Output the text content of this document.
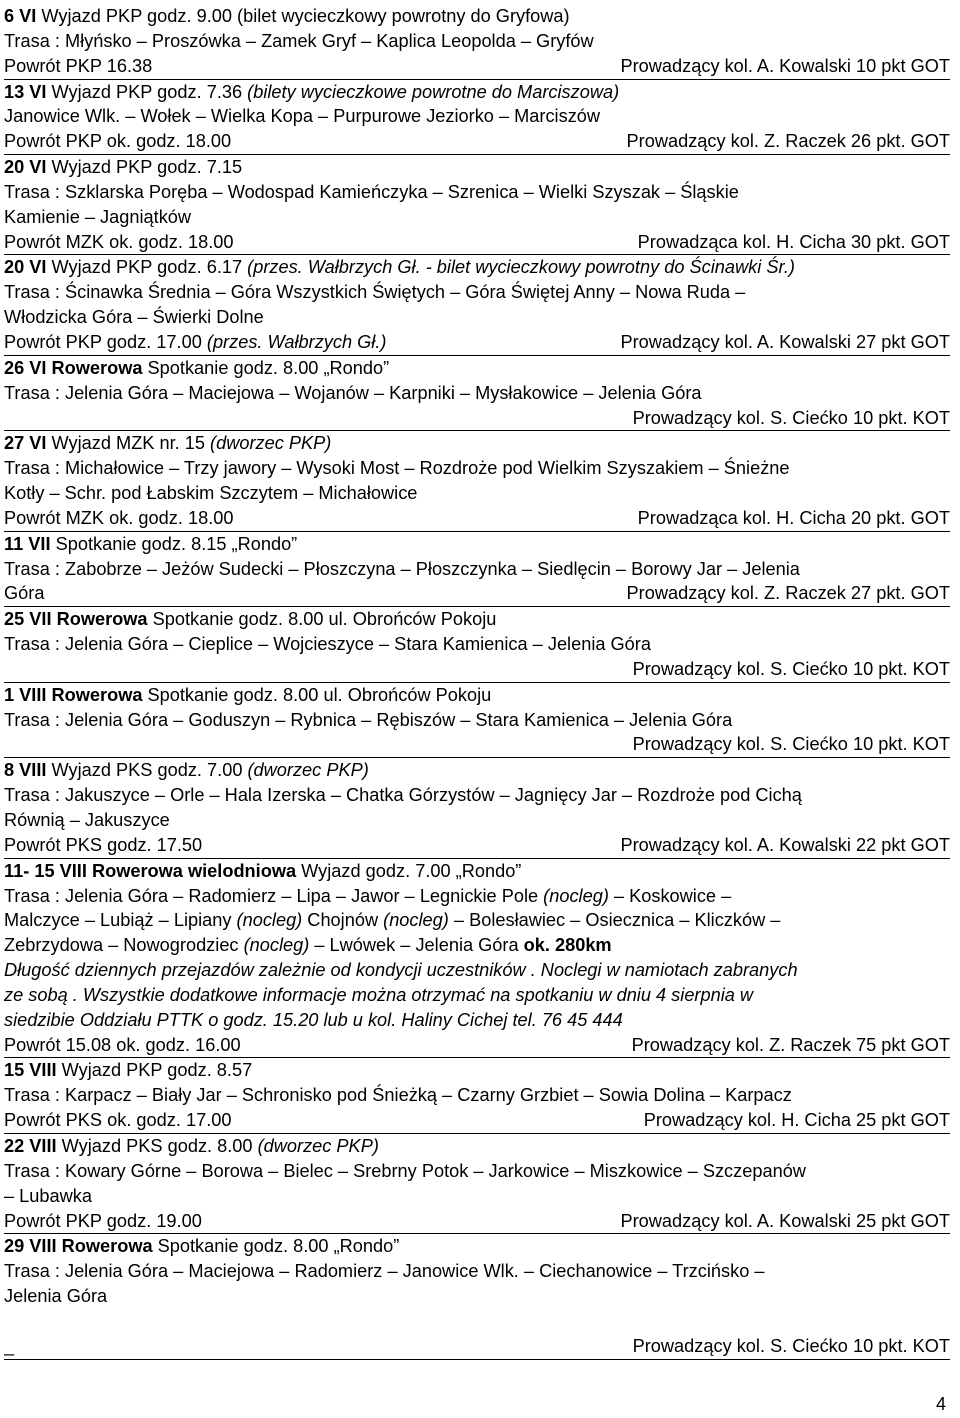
6 VI Wyjazd PKP godz. 9.00 (bilet wycieczkowy powrotny do Gryfowa)
Trasa : Młyńsko – Proszówka – Zamek Gryf – Kaplica Leopolda – Gryfów
Powrót PKP 16.38	Prowadzący kol. A. Kowalski 10 pkt GOT
13 VI Wyjazd PKP godz. 7.36 (bilety wycieczkowe powrotne do Marciszowa)
Janowice Wlk. – Wołek – Wielka Kopa – Purpurowe Jeziorko – Marciszów
Powrót PKP ok. godz. 18.00	Prowadzący kol. Z. Raczek 26 pkt. GOT
20 VI Wyjazd PKP godz. 7.15
Trasa : Szklarska Poręba – Wodospad Kamieńczyka – Szrenica – Wielki Szyszak – Śląskie
Kamienie – Jagniątków
Powrót MZK ok. godz. 18.00	Prowadząca kol. H. Cicha 30 pkt. GOT
20 VI Wyjazd PKP godz. 6.17 (przes. Wałbrzych Gł. - bilet wycieczkowy powrotny do Ścinawki Śr.)
Trasa : Ścinawka Średnia – Góra Wszystkich Świętych – Góra Świętej Anny – Nowa Ruda –
Włodzicka Góra – Świerki Dolne
Powrót PKP godz. 17.00 (przes. Wałbrzych Gł.)	Prowadzący kol. A. Kowalski 27 pkt GOT
26 VI Rowerowa Spotkanie godz. 8.00 „Rondo”
Trasa : Jelenia Góra – Maciejowa – Wojanów – Karpniki – Mysłakowice – Jelenia Góra
Prowadzący kol. S. Ciećko 10 pkt. KOT
27 VI Wyjazd MZK nr. 15 (dworzec PKP)
Trasa : Michałowice – Trzy jawory – Wysoki Most – Rozdroże pod Wielkim Szyszakiem – Śnieżne
Kotły – Schr. pod Łabskim Szczytem – Michałowice
Powrót MZK ok. godz. 18.00	Prowadząca kol. H. Cicha 20 pkt. GOT
11 VII Spotkanie godz. 8.15 „Rondo”
Trasa : Zabobrze – Jeżów Sudecki – Płoszczyna – Płoszczynka – Siedlęcin – Borowy Jar – Jelenia
Góra	Prowadzący kol. Z. Raczek 27 pkt. GOT
25 VII Rowerowa Spotkanie godz. 8.00 ul. Obrońców Pokoju
Trasa : Jelenia Góra – Cieplice – Wojcieszyce – Stara Kamienica – Jelenia Góra
Prowadzący kol. S. Ciećko 10 pkt. KOT
1 VIII Rowerowa Spotkanie godz. 8.00 ul. Obrońców Pokoju
Trasa : Jelenia Góra – Goduszyn – Rybnica – Rębiszów – Stara Kamienica – Jelenia Góra
Prowadzący kol. S. Ciećko 10 pkt. KOT
8 VIII Wyjazd PKS godz. 7.00 (dworzec PKP)
Trasa : Jakuszyce – Orle – Hala Izerska – Chatka Górzystów – Jagnięcy Jar – Rozdroże pod Cichą
Równią – Jakuszyce
Powrót PKS godz. 17.50	Prowadzący kol. A. Kowalski 22 pkt GOT
11- 15 VIII Rowerowa wielodniowa Wyjazd godz. 7.00 „Rondo”
Trasa : Jelenia Góra – Radomierz – Lipa – Jawor – Legnickie Pole (nocleg) – Koskowice –
Malczyce – Lubiąż – Lipiany (nocleg) Chojnów (nocleg) – Bolesławiec – Osiecznica – Kliczków –
Zebrzydowa – Nowogrodziec (nocleg) – Lwówek – Jelenia Góra ok. 280km
Długość dziennych przejazdów zależnie od kondycji uczestników . Noclegi w namiotach zabranych
ze sobą . Wszystkie dodatkowe informacje można otrzymać na spotkaniu w dniu 4 sierpnia w
siedzibie Oddziału PTTK o godz. 15.20 lub u kol. Haliny Cichej tel. 76 45 444
Powrót 15.08 ok. godz. 16.00	Prowadzący kol. Z. Raczek 75 pkt GOT
15 VIII Wyjazd PKP godz. 8.57
Trasa : Karpacz – Biały Jar – Schronisko pod Śnieżką – Czarny Grzbiet – Sowia Dolina – Karpacz
Powrót PKS ok. godz. 17.00	Prowadzący kol. H. Cicha 25 pkt GOT
22 VIII Wyjazd PKS godz. 8.00 (dworzec PKP)
Trasa : Kowary Górne – Borowa – Bielec – Srebrny Potok – Jarkowice – Miszkowice – Szczepanów
– Lubawka
Powrót PKP godz. 19.00	Prowadzący kol. A. Kowalski 25 pkt GOT
29 VIII Rowerowa Spotkanie godz. 8.00 „Rondo”
Trasa : Jelenia Góra – Maciejowa – Radomierz – Janowice Wlk. – Ciechanowice – Trzcińsko –
Jelenia Góra
_	Prowadzący kol. S. Ciećko 10 pkt. KOT
4
